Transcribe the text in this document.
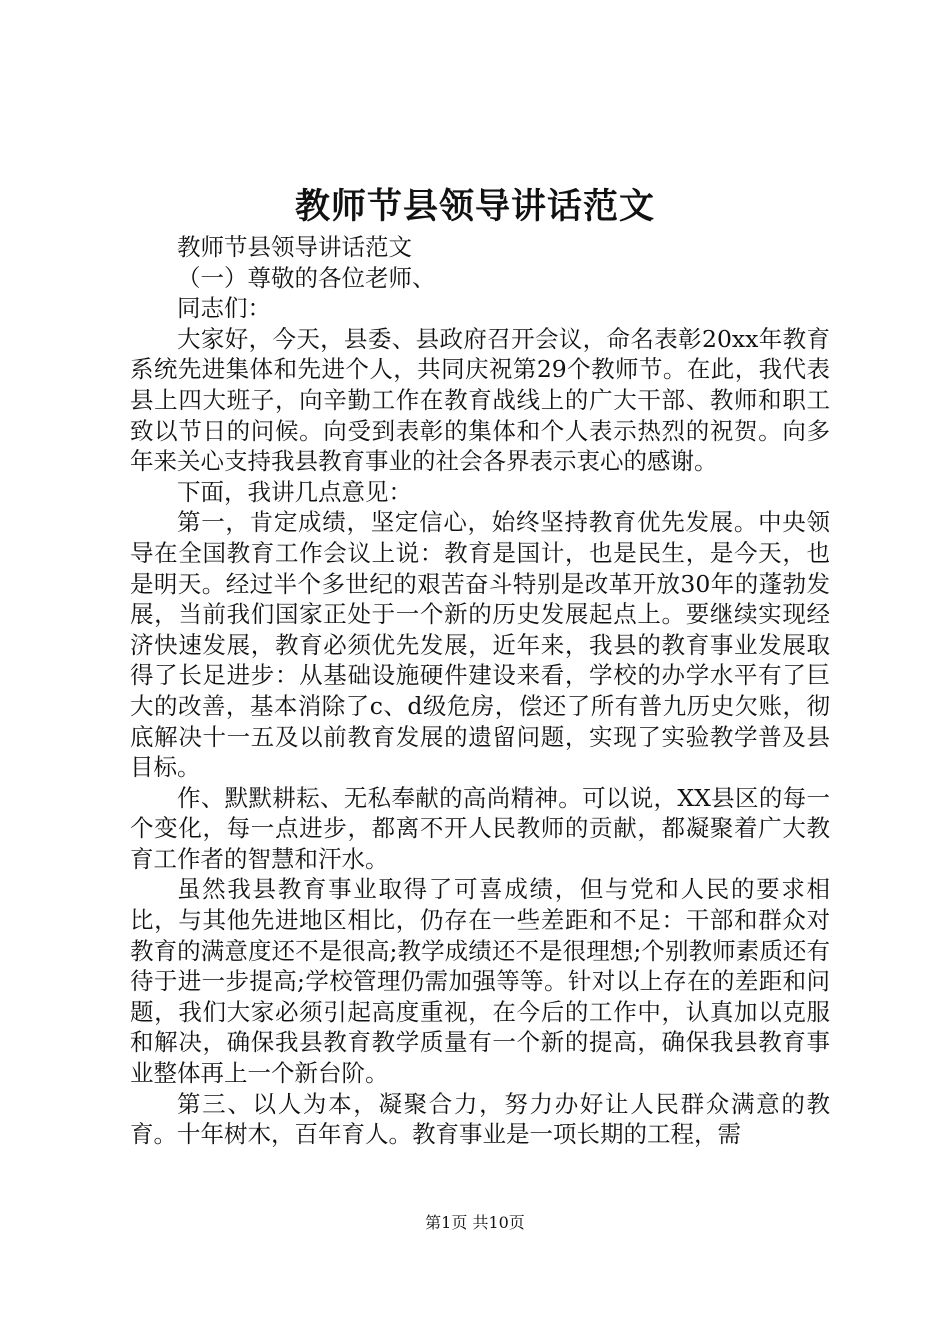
教师节县领导讲话范文

教师节县领导讲话范文

（一）尊敬的各位老师、

同志们：

大家好，今天，县委、县政府召开会议，命名表彰20xx年教育系统先进集体和先进个人，共同庆祝第29个教师节。在此，我代表县上四大班子，向辛勤工作在教育战线上的广大干部、教师和职工致以节日的问候。向受到表彰的集体和个人表示热烈的祝贺。向多年来关心支持我县教育事业的社会各界表示衷心的感谢。

下面，我讲几点意见：

第一，肯定成绩，坚定信心，始终坚持教育优先发展。中央领导在全国教育工作会议上说：教育是国计，也是民生，是今天，也是明天。经过半个多世纪的艰苦奋斗特别是改革开放30年的蓬勃发展，当前我们国家正处于一个新的历史发展起点上。要继续实现经济快速发展，教育必须优先发展，近年来，我县的教育事业发展取得了长足进步：从基础设施硬件建设来看，学校的办学水平有了巨大的改善，基本消除了c、d级危房，偿还了所有普九历史欠账，彻底解决十一五及以前教育发展的遗留问题，实现了实验教学普及县目标。

作、默默耕耘、无私奉献的高尚精神。可以说，XX县区的每一个变化，每一点进步，都离不开人民教师的贡献，都凝聚着广大教育工作者的智慧和汗水。

虽然我县教育事业取得了可喜成绩，但与党和人民的要求相比，与其他先进地区相比，仍存在一些差距和不足：干部和群众对教育的满意度还不是很高;教学成绩还不是很理想;个别教师素质还有待于进一步提高;学校管理仍需加强等等。针对以上存在的差距和问题，我们大家必须引起高度重视，在今后的工作中，认真加以克服和解决，确保我县教育教学质量有一个新的提高，确保我县教育事业整体再上一个新台阶。

第三、以人为本，凝聚合力，努力办好让人民群众满意的教育。十年树木，百年育人。教育事业是一项长期的工程，需

第1页 共10页
